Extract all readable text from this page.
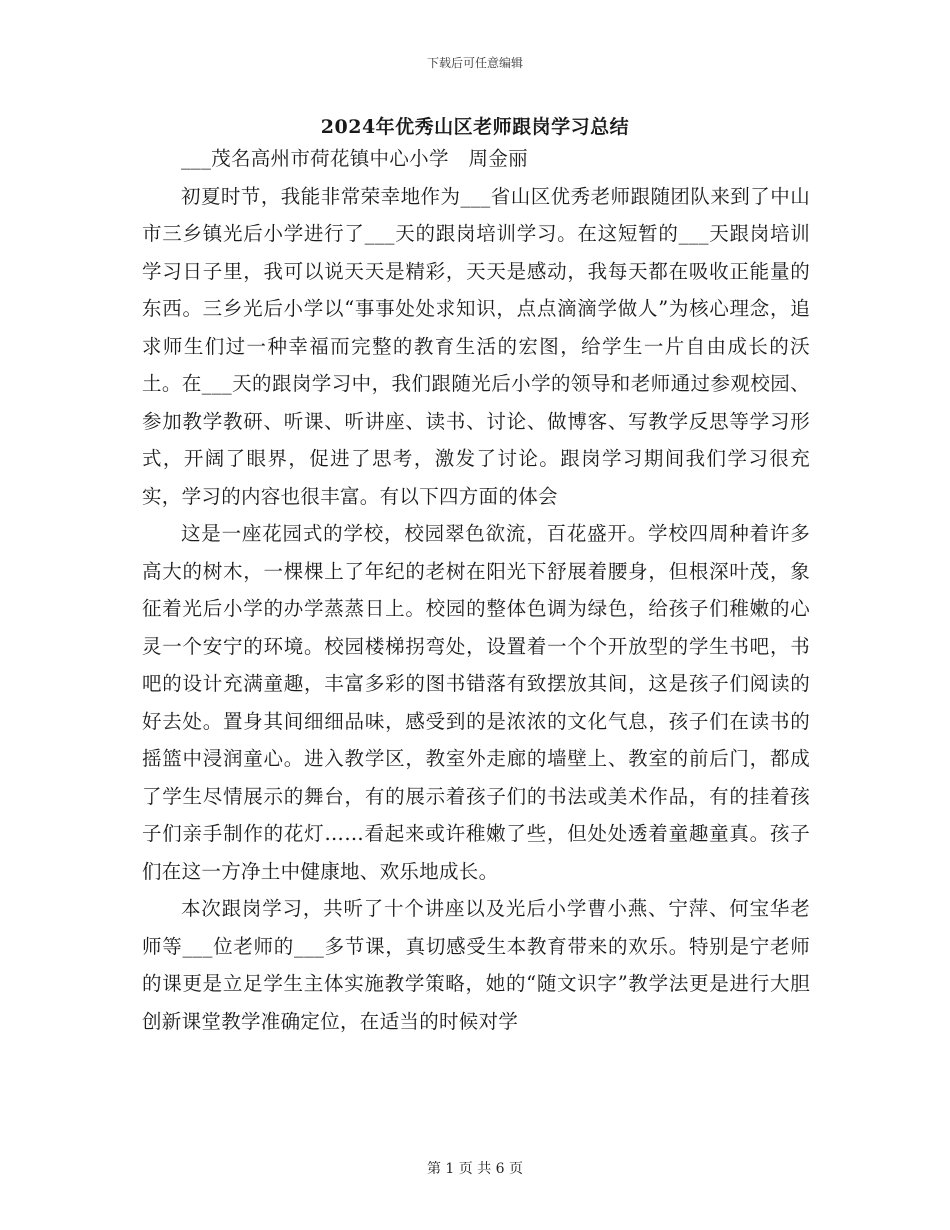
下载后可任意编辑
2024年优秀山区老师跟岗学习总结
___茂名高州市荷花镇中心小学　周金丽

初夏时节，我能非常荣幸地作为___省山区优秀老师跟随团队来到了中山市三乡镇光后小学进行了___天的跟岗培训学习。在这短暂的___天跟岗培训学习日子里，我可以说天天是精彩，天天是感动，我每天都在吸收正能量的东西。三乡光后小学以“事事处处求知识，点点滴滴学做人”为核心理念，追求师生们过一种幸福而完整的教育生活的宏图，给学生一片自由成长的沃土。在___天的跟岗学习中，我们跟随光后小学的领导和老师通过参观校园、参加教学教研、听课、听讲座、读书、讨论、做博客、写教学反思等学习形式，开阔了眼界，促进了思考，激发了讨论。跟岗学习期间我们学习很充实，学习的内容也很丰富。有以下四方面的体会

这是一座花园式的学校，校园翠色欲流，百花盛开。学校四周种着许多高大的树木，一棵棵上了年纪的老树在阳光下舒展着腰身，但根深叶茂，象征着光后小学的办学蒸蒸日上。校园的整体色调为绿色，给孩子们稚嫩的心灵一个安宁的环境。校园楼梯拐弯处，设置着一个个开放型的学生书吧，书吧的设计充满童趣，丰富多彩的图书错落有致摆放其间，这是孩子们阅读的好去处。置身其间细细品味，感受到的是浓浓的文化气息，孩子们在读书的摇篮中浸润童心。进入教学区，教室外走廊的墙壁上、教室的前后门，都成了学生尽情展示的舞台，有的展示着孩子们的书法或美术作品，有的挂着孩子们亲手制作的花灯……看起来或许稚嫩了些，但处处透着童趣童真。孩子们在这一方净土中健康地、欢乐地成长。

本次跟岗学习，共听了十个讲座以及光后小学曹小燕、宁萍、何宝华老师等___位老师的___多节课，真切感受生本教育带来的欢乐。特别是宁老师的课更是立足学生主体实施教学策略，她的“随文识字”教学法更是进行大胆创新课堂教学准确定位，在适当的时候对学

第 1 页 共 6 页
